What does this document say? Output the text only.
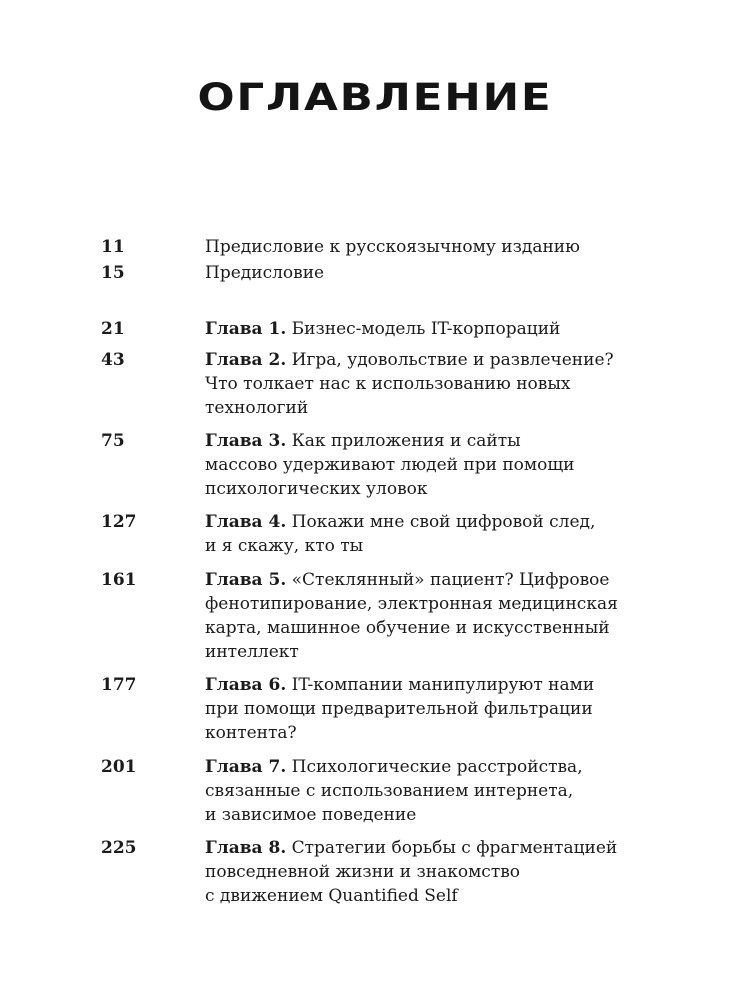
ОГЛАВЛЕНИЕ
11	Предисловие к русскоязычному изданию
15	Предисловие
21	Глава 1. Бизнес-модель IT-корпораций
43	Глава 2. Игра, удовольствие и развлечение?
Что толкает нас к использованию новых
технологий
75	Глава 3. Как приложения и сайты
массово удерживают людей при помощи
психологических уловок
127	Глава 4. Покажи мне свой цифровой след,
и я скажу, кто ты
161	Глава 5. «Стеклянный» пациент? Цифровое
фенотипирование, электронная медицинская
карта, машинное обучение и искусственный
интеллект
177	Глава 6. IT-компании манипулируют нами
при помощи предварительной фильтрации
контента?
201	Глава 7. Психологические расстройства,
связанные с использованием интернета,
и зависимое поведение
225	Глава 8. Стратегии борьбы с фрагментацией
повседневной жизни и знакомство
с движением Quantified Self
